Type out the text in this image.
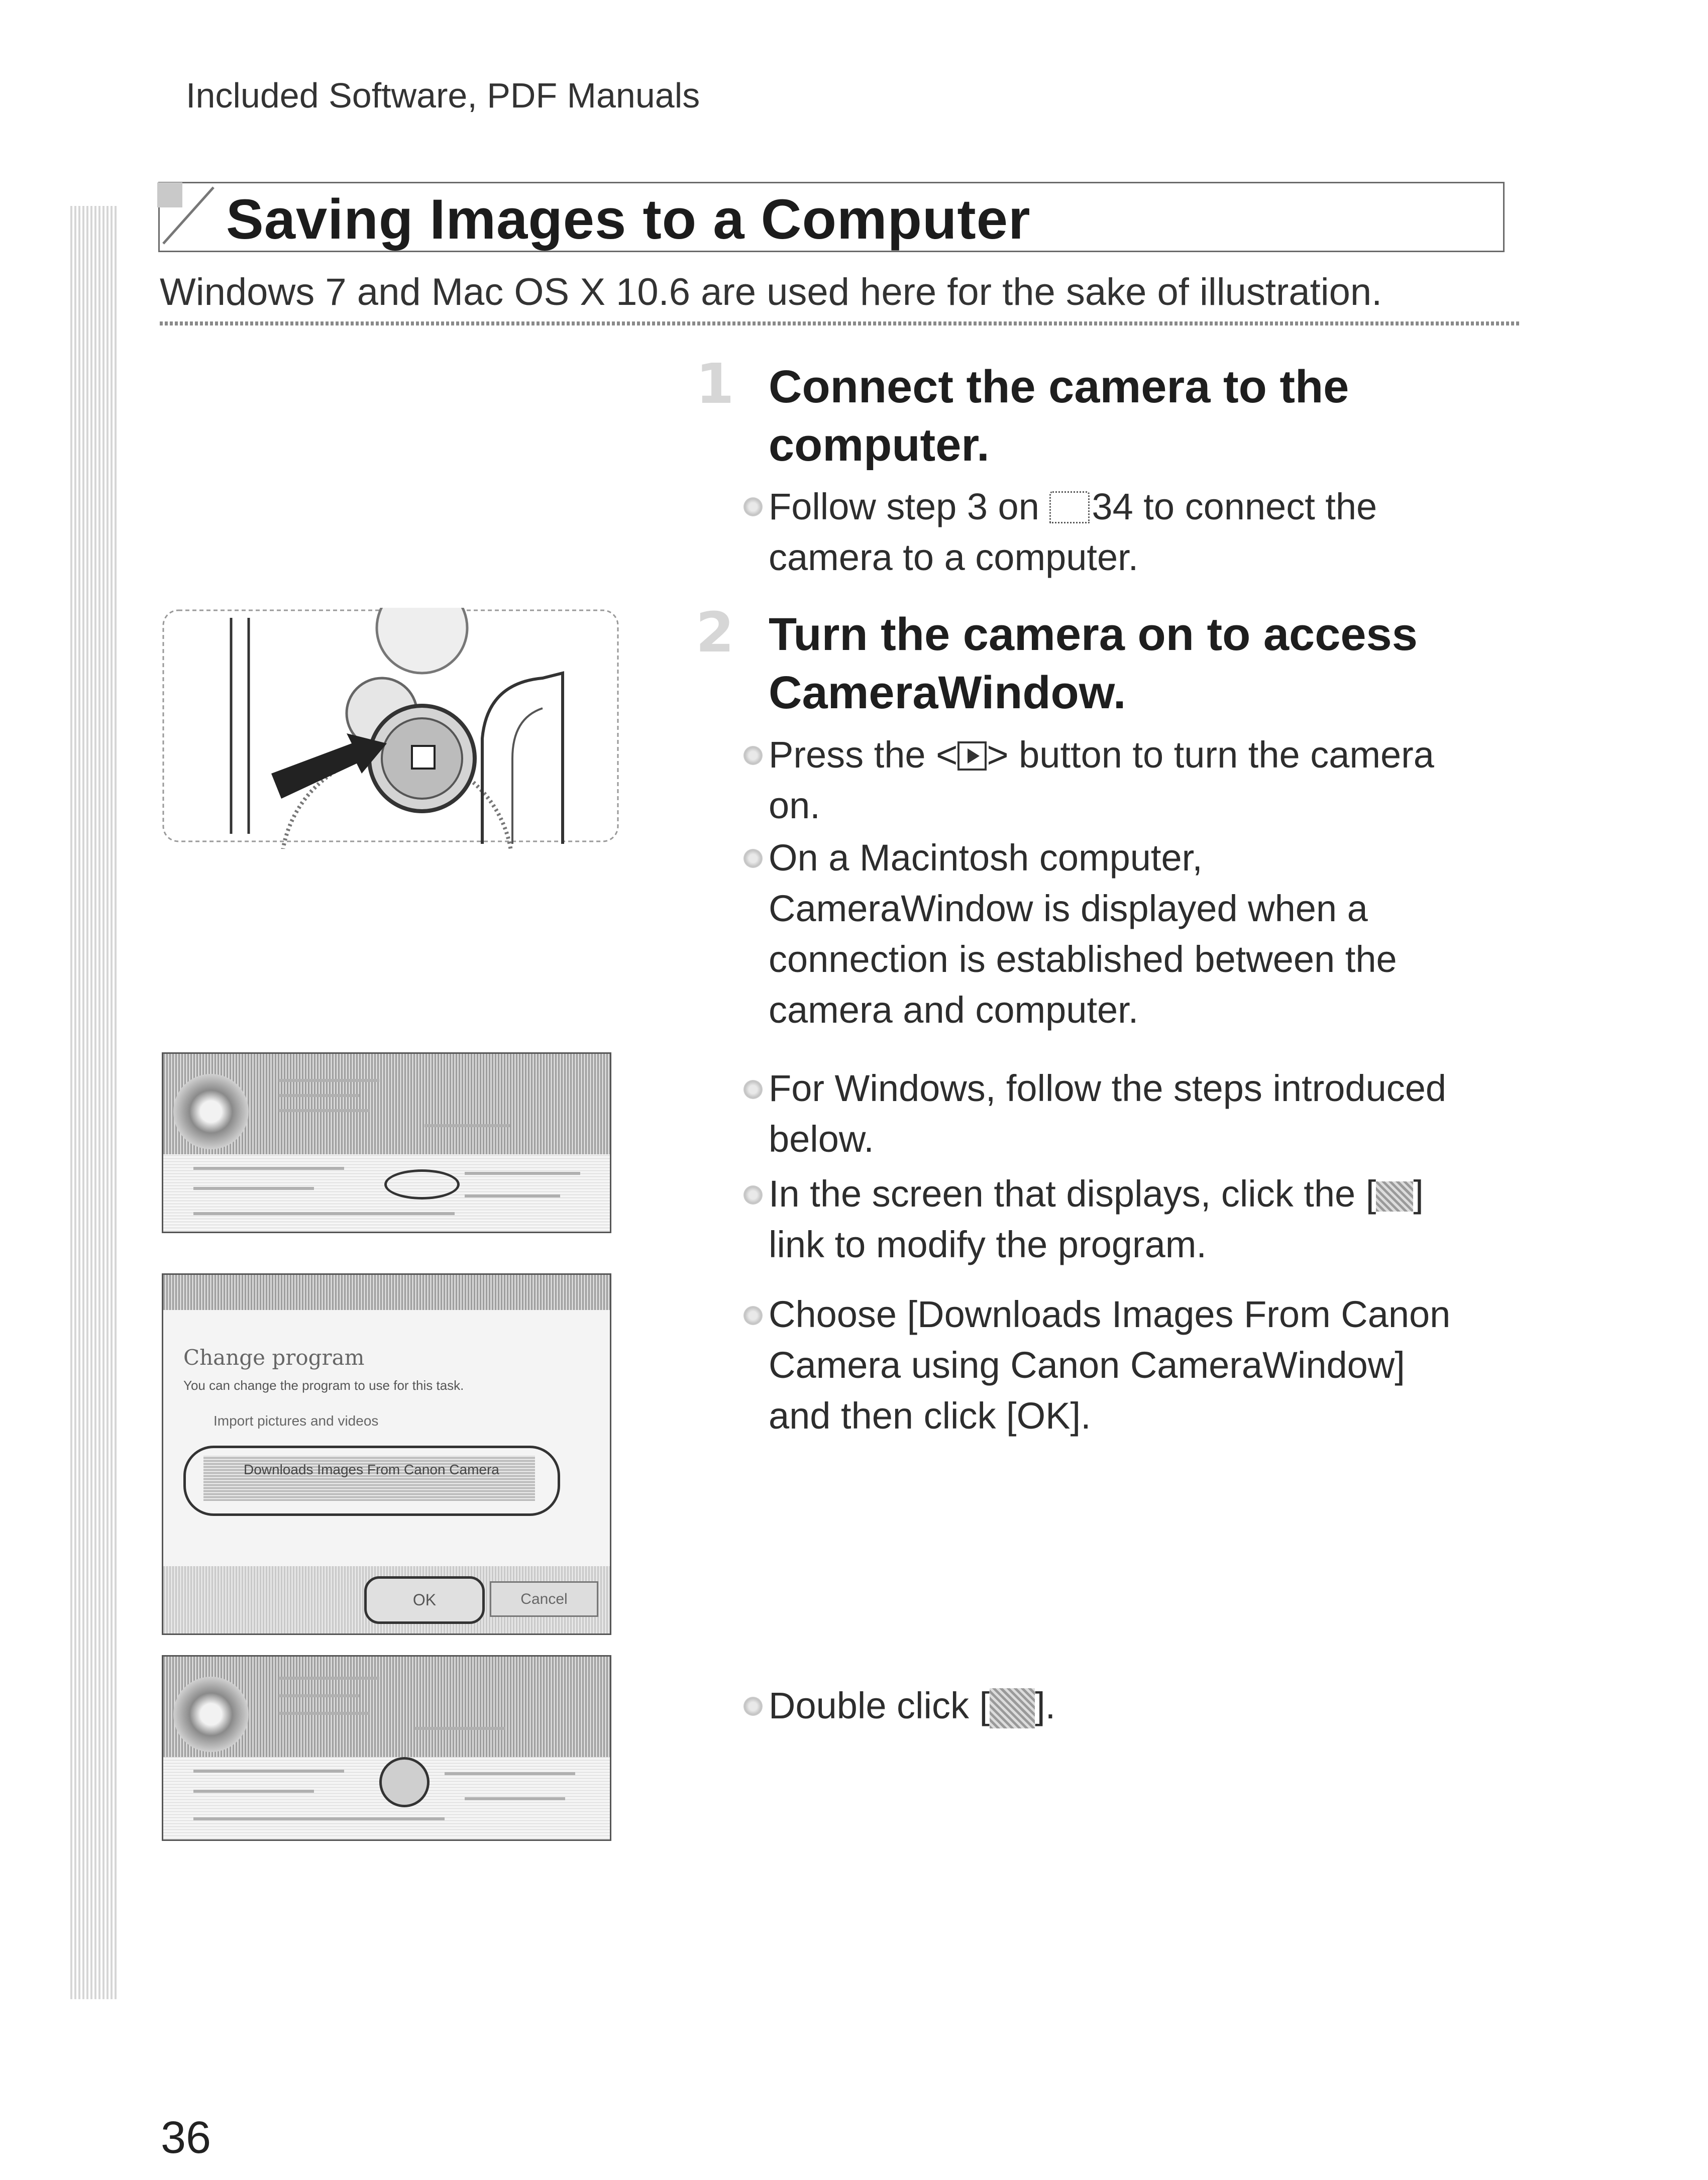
Included Software, PDF Manuals
Saving Images to a Computer
Windows 7 and Mac OS X 10.6 are used here for the sake of illustration.
1 Connect the camera to the
computer.
Follow step 3 on 34 to connect the
camera to a computer.
2 Turn the camera on to access
CameraWindow.
Press the < > button to turn the camera
on.
On a Macintosh computer,
CameraWindow is displayed when a
connection is established between the
camera and computer.
For Windows, follow the steps introduced
below.
In the screen that displays, click the [ ]
link to modify the program.
Choose [Downloads Images From Canon
Camera using Canon CameraWindow]
and then click [OK].
Double click [ ].
Change program
You can change the program to use for this task.
Import pictures and videos
Downloads Images From Canon Camera
OK	Cancel
36
